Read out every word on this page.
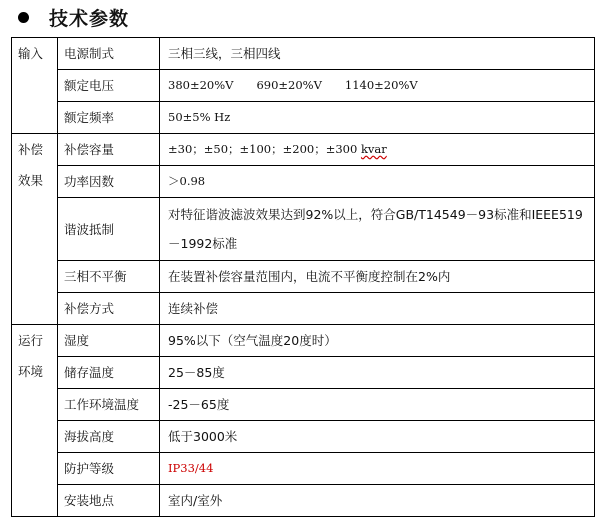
技术参数
输入	电源制式	三相三线，三相四线
	额定电压	380±20%V　　690±20%V　　1140±20%V
	额定频率	50±5% Hz

补偿
效果	补偿容量	±30；±50；±100；±200；±300 kvar
	功率因数	＞0.98
	谐波抵制	对特征谐波滤波效果达到92%以上，符合GB/T14549－93标准和IEEE519－1992标准
	三相不平衡	在装置补偿容量范围内，电流不平衡度控制在2%内
	补偿方式	连续补偿

运行
环境	湿度	95%以下（空气温度20度时）
	储存温度	25－85度
	工作环境温度	-25－65度
	海拔高度	低于3000米
	防护等级	IP33/44
	安装地点	室内/室外
